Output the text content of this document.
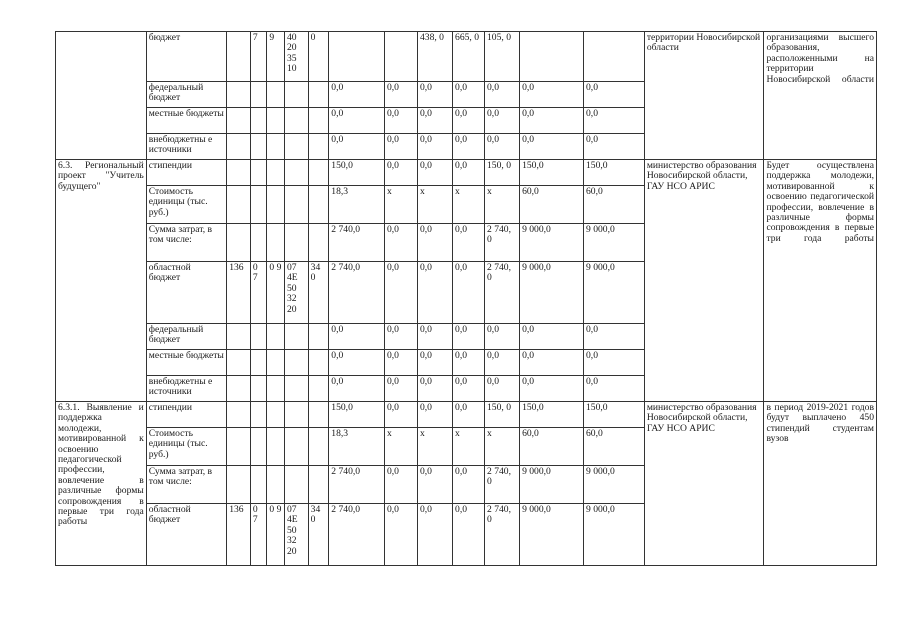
	бюджет		7	9	40 20 35 10	0			438, 0	665, 0	105, 0			территории Новосибирской области	организациями высшего образования, расположенными на территории Новосибирской области
	федеральный бюджет						0,0	0,0	0,0	0,0	0,0	0,0	0,0		
	местные бюджеты						0,0	0,0	0,0	0,0	0,0	0,0	0,0		
	внебюджетны е источники						0,0	0,0	0,0	0,0	0,0	0,0	0,0		
6.3. Региональный проект "Учитель будущего"	стипендии						150,0	0,0	0,0	0,0	150, 0	150,0	150,0	министерство образования Новосибирской области, ГАУ НСО АРИС	Будет осуществлена поддержка молодежи, мотивированной к освоению педагогической профессии, вовлечение в различные формы сопровождения в первые три года работы
	Стоимость единицы (тыс. руб.)						18,3	х	х	х	х	60,0	60,0		
	Сумма затрат, в том числе:						2 740,0	0,0	0,0	0,0	2 740, 0	9 000,0	9 000,0		
	областной бюджет	136	0 7	0 9	07 4E 50 32 20	34 0	2 740,0	0,0	0,0	0,0	2 740, 0	9 000,0	9 000,0		
	федеральный бюджет						0,0	0,0	0,0	0,0	0,0	0,0	0,0		
	местные бюджеты						0,0	0,0	0,0	0,0	0,0	0,0	0,0		
	внебюджетны е источники						0,0	0,0	0,0	0,0	0,0	0,0	0,0		
6.3.1. Выявление и поддержка молодежи, мотивированной к освоению педагогической профессии, вовлечение в различные формы сопровождения в первые три года работы	стипендии						150,0	0,0	0,0	0,0	150, 0	150,0	150,0	министерство образования Новосибирской области, ГАУ НСО АРИС	в период 2019-2021 годов будут выплачено 450 стипендий студентам вузов
	Стоимость единицы (тыс. руб.)						18,3	х	х	х	х	60,0	60,0		
	Сумма затрат, в том числе:						2 740,0	0,0	0,0	0,0	2 740, 0	9 000,0	9 000,0		
	областной бюджет	136	0 7	0 9	07 4E 50 32 20	34 0	2 740,0	0,0	0,0	0,0	2 740, 0	9 000,0	9 000,0		
